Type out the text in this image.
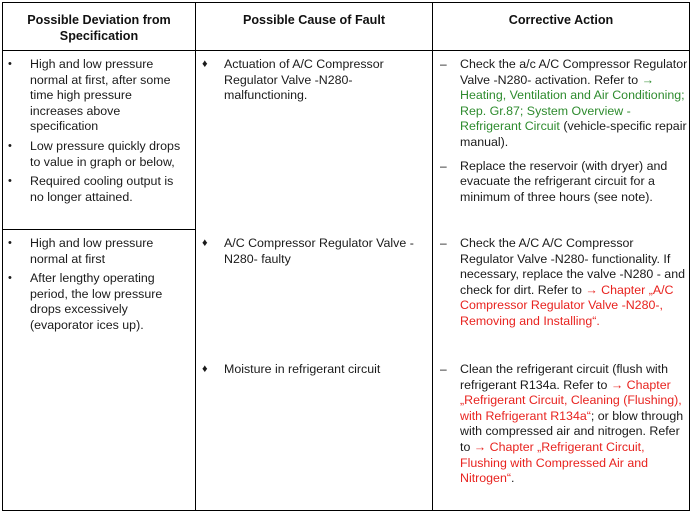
Possible Deviation from Specification
Possible Cause of Fault	Corrective Action
• High and low pressure normal at first, after some time high pressure increases above specification
• Low pressure quickly drops to value in graph or below,
• Required cooling output is no longer attained.
♦ Actuation of A/C Compressor Regulator Valve -N280- malfunctioning.
– Check the a/c A/C Compressor Regulator Valve -N280- activation. Refer to → Heating, Ventilation and Air Conditioning; Rep. Gr.87; System Overview - Refrigerant Circuit (vehicle-specific repair manual).
– Replace the reservoir (with dryer) and evacuate the refrigerant circuit for a minimum of three hours (see note).
• High and low pressure normal at first
• After lengthy operating period, the low pressure drops excessively (evaporator ices up).
♦ A/C Compressor Regulator Valve -N280- faulty
– Check the A/C A/C Compressor Regulator Valve -N280- functionality. If necessary, replace the valve -N280 - and check for dirt. Refer to → Chapter „A/C Compressor Regulator Valve -N280-, Removing and Installing“.
♦ Moisture in refrigerant circuit	– Clean the refrigerant circuit (flush with refrigerant R134a. Refer to → Chapter „Refrigerant Circuit, Cleaning (Flushing), with Refrigerant R134a“; or blow through with compressed air and nitrogen. Refer to → Chapter „Refrigerant Circuit, Flushing with Compressed Air and Nitrogen“.
